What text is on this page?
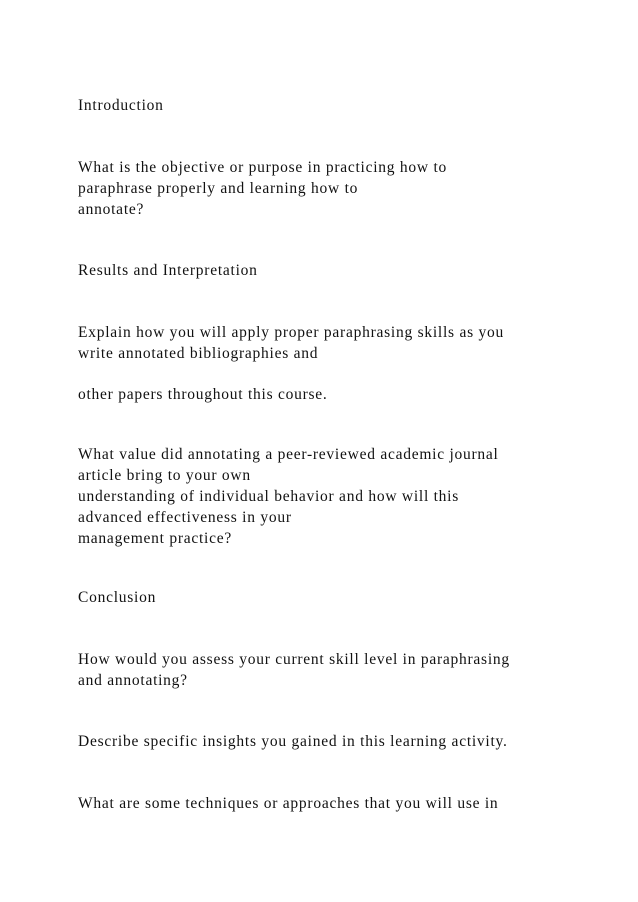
Introduction

What is the objective or purpose in practicing how to

paraphrase properly and learning how to

annotate?

Results and Interpretation

Explain how you will apply proper paraphrasing skills as you

write annotated bibliographies and

other papers throughout this course.

What value did annotating a peer-reviewed academic journal

article bring to your own

understanding of individual behavior and how will this

advanced effectiveness in your

management practice?

Conclusion

How would you assess your current skill level in paraphrasing

and annotating?

Describe specific insights you gained in this learning activity.

What are some techniques or approaches that you will use in
